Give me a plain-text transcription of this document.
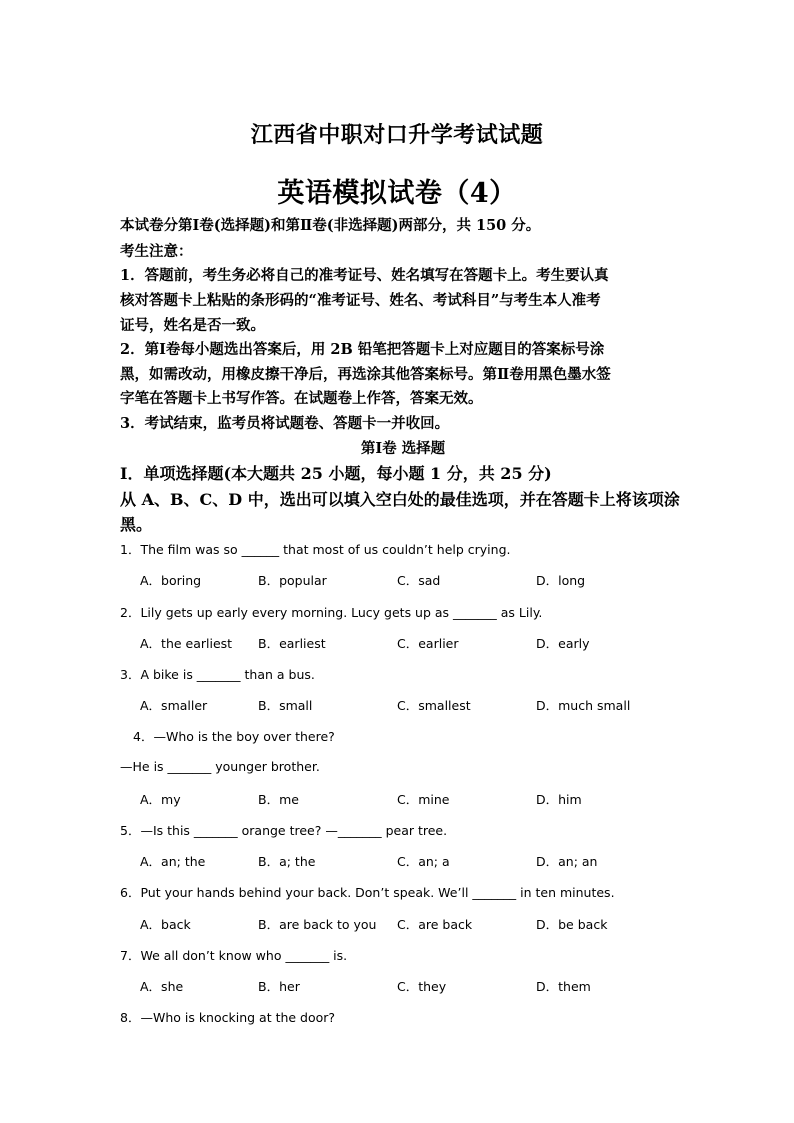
江西省中职对口升学考试试题
英语模拟试卷（4）
本试卷分第Ⅰ卷(选择题)和第Ⅱ卷(非选择题)两部分，共 150 分。
考生注意：
1．答题前，考生务必将自己的准考证号、姓名填写在答题卡上。考生要认真
核对答题卡上粘贴的条形码的“准考证号、姓名、考试科目”与考生本人准考
证号，姓名是否一致。
2．第Ⅰ卷每小题选出答案后，用 2B 铅笔把答题卡上对应题目的答案标号涂
黑，如需改动，用橡皮擦干净后，再选涂其他答案标号。第Ⅱ卷用黑色墨水签
字笔在答题卡上书写作答。在试题卷上作答，答案无效。
3．考试结束，监考员将试题卷、答题卡一并收回。
第Ⅰ卷 选择题
Ⅰ．单项选择题(本大题共 25 小题，每小题 1 分，共 25 分)
从 A、B、C、D 中，选出可以填入空白处的最佳选项，并在答题卡上将该项涂
黑。
1．The film was so ______ that most of us couldn’t help crying.
A．boring	B．popular	C．sad	D．long
2．Lily gets up early every morning. Lucy gets up as _______ as Lily.
A．the earliest B．earliest	C．earlier	D．early
3．A bike is _______ than a bus.
A．smaller	B．small	C．smallest	D．much small
4．—Who is the boy over there?
—He is _______ younger brother.
A．my	B．me	C．mine	D．him
5．—Is this _______ orange tree? —_______ pear tree.
A．an; the	B．a; the	C．an; a	D．an; an
6．Put your hands behind your back. Don’t speak. We’ll _______ in ten minutes.
A．back	B．are back to you C．are back	D．be back
7．We all don’t know who _______ is.
A．she	B．her	C．they	D．them
8．—Who is knocking at the door?
